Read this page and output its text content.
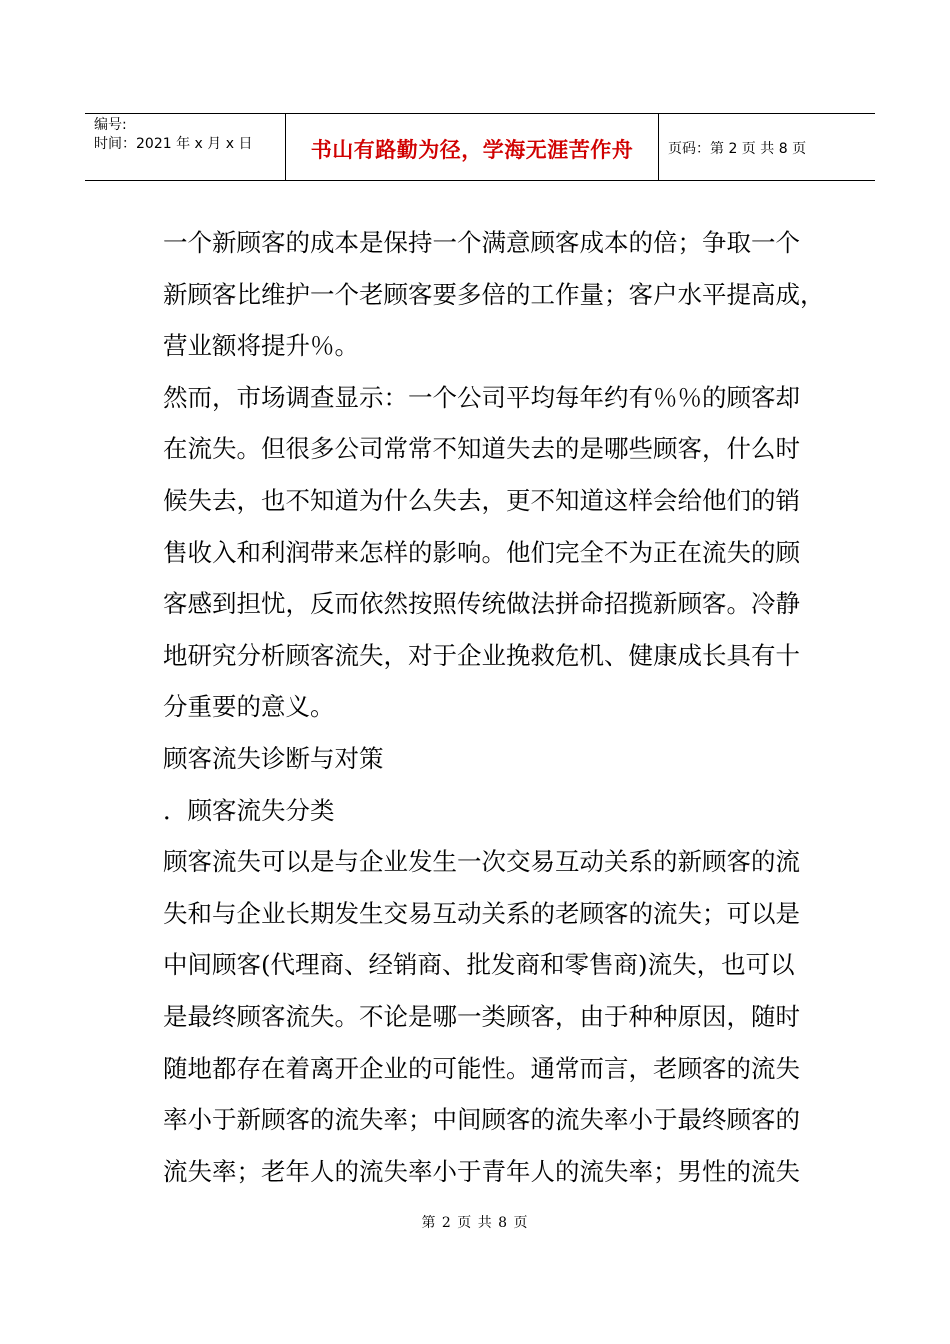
编号:
时间：2021 年 x 月 x 日	书山有路勤为径，学海无涯苦作舟 页码：第 2 页 共 8 页
一个新顾客的成本是保持一个满意顾客成本的倍；争取一个
新顾客比维护一个老顾客要多倍的工作量；客户水平提高成，
营业额将提升％。
然而，市场调查显示：一个公司平均每年约有％％的顾客却
在流失。但很多公司常常不知道失去的是哪些顾客，什么时
候失去，也不知道为什么失去，更不知道这样会给他们的销
售收入和利润带来怎样的影响。他们完全不为正在流失的顾
客感到担忧，反而依然按照传统做法拼命招揽新顾客。冷静
地研究分析顾客流失，对于企业挽救危机、健康成长具有十
分重要的意义。
顾客流失诊断与对策
．顾客流失分类
顾客流失可以是与企业发生一次交易互动关系的新顾客的流
失和与企业长期发生交易互动关系的老顾客的流失；可以是
中间顾客(代理商、经销商、批发商和零售商)流失，也可以
是最终顾客流失。不论是哪一类顾客，由于种种原因，随时
随地都存在着离开企业的可能性。通常而言，老顾客的流失
率小于新顾客的流失率；中间顾客的流失率小于最终顾客的
流失率；老年人的流失率小于青年人的流失率；男性的流失
第 2 页 共 8 页
